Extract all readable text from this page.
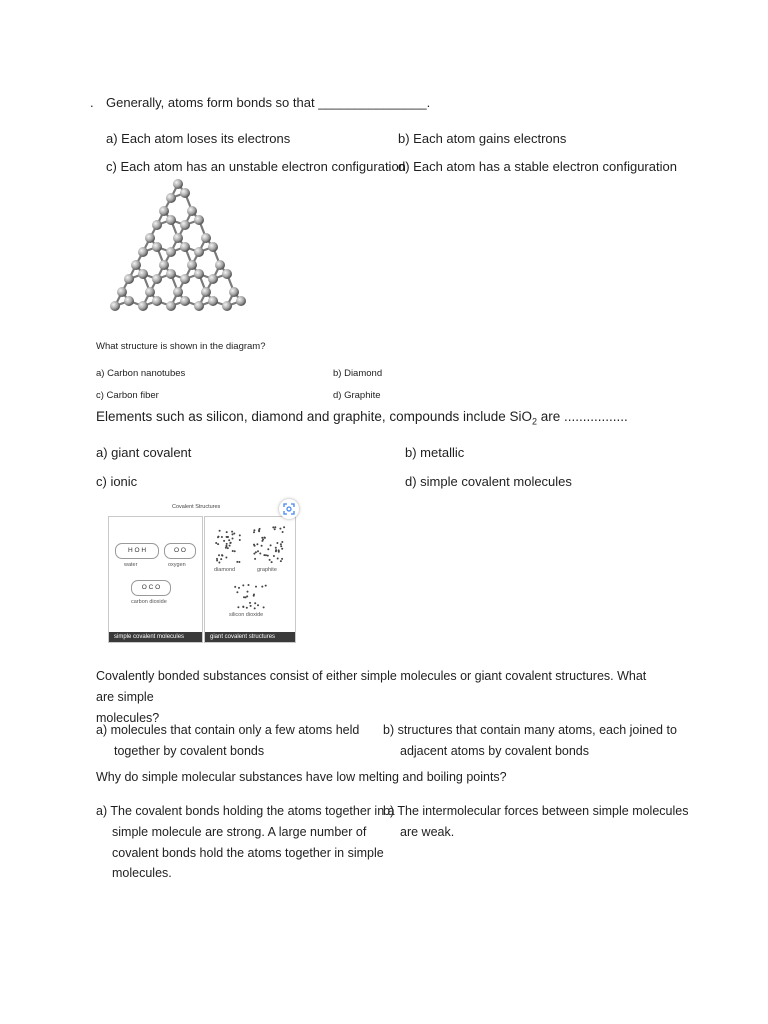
. Generally, atoms form bonds so that _______________.
a) Each atom loses its electrons	b) Each atom gains electrons
c) Each atom has an unstable electron configuration
d) Each atom has a stable electron configuration
What structure is shown in the diagram?
a) Carbon nanotubes	b) Diamond
c) Carbon fiber	d) Graphite
Elements such as silicon, diamond and graphite, compounds include SiO$_2$ are .................
a) giant covalent	b) metallic
c) ionic	d) simple covalent molecules
Covalent Structures
H O H
water
O O
oxygen
O C O
carbon dioxide
simple covalent molecules
diamond	graphite
silicon dioxide
giant covalent structures
Covalently bonded substances consist of either simple molecules or giant covalent structures. What are simple
molecules?
a) molecules that contain only a few atoms held
together by covalent bonds
b) structures that contain many atoms, each joined to
adjacent atoms by covalent bonds
Why do simple molecular substances have low melting and boiling points?
a) The covalent bonds holding the atoms together in a
simple molecule are strong. A large number of
covalent bonds hold the atoms together in simple
molecules.
b) The intermolecular forces between simple molecules
are weak.
